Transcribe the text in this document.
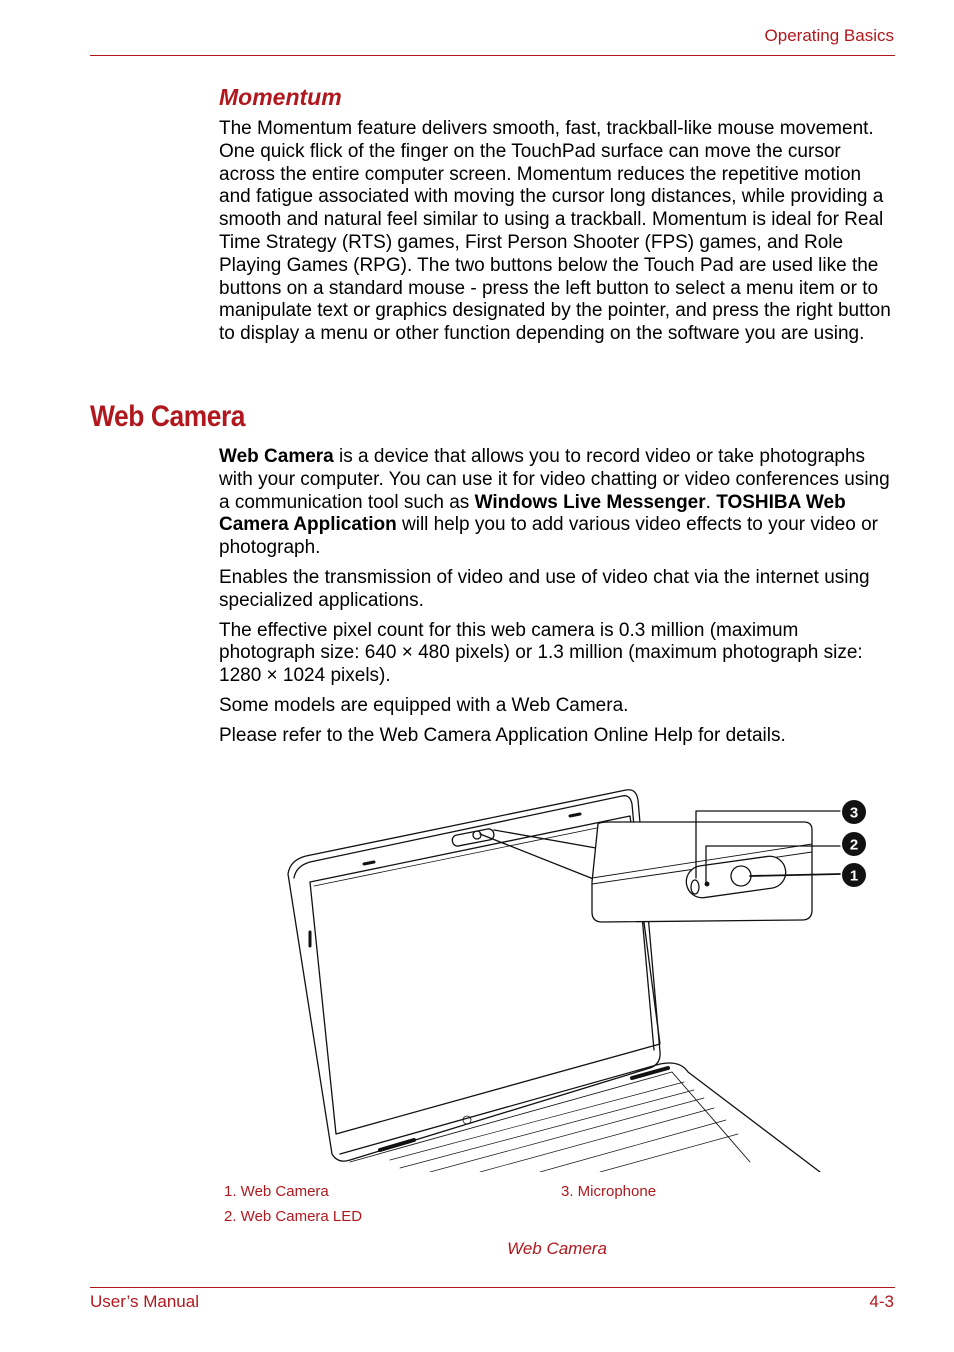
Operating Basics
Momentum

The Momentum feature delivers smooth, fast, trackball-like mouse movement. One quick flick of the finger on the TouchPad surface can move the cursor across the entire computer screen. Momentum reduces the repetitive motion and fatigue associated with moving the cursor long distances, while providing a smooth and natural feel similar to using a trackball. Momentum is ideal for Real Time Strategy (RTS) games, First Person Shooter (FPS) games, and Role Playing Games (RPG). The two buttons below the Touch Pad are used like the buttons on a standard mouse - press the left button to select a menu item or to manipulate text or graphics designated by the pointer, and press the right button to display a menu or other function depending on the software you are using.

Web Camera

Web Camera is a device that allows you to record video or take photographs with your computer. You can use it for video chatting or video conferences using a communication tool such as Windows Live Messenger. TOSHIBA Web Camera Application will help you to add various video effects to your video or photograph.

Enables the transmission of video and use of video chat via the internet using specialized applications.

The effective pixel count for this web camera is 0.3 million (maximum photograph size: 640 × 480 pixels) or 1.3 million (maximum photograph size: 1280 × 1024 pixels).

Some models are equipped with a Web Camera.

Please refer to the Web Camera Application Online Help for details.

3
2
1
1. Web Camera	3. Microphone
2. Web Camera LED
Web Camera
User’s Manual	4-3
